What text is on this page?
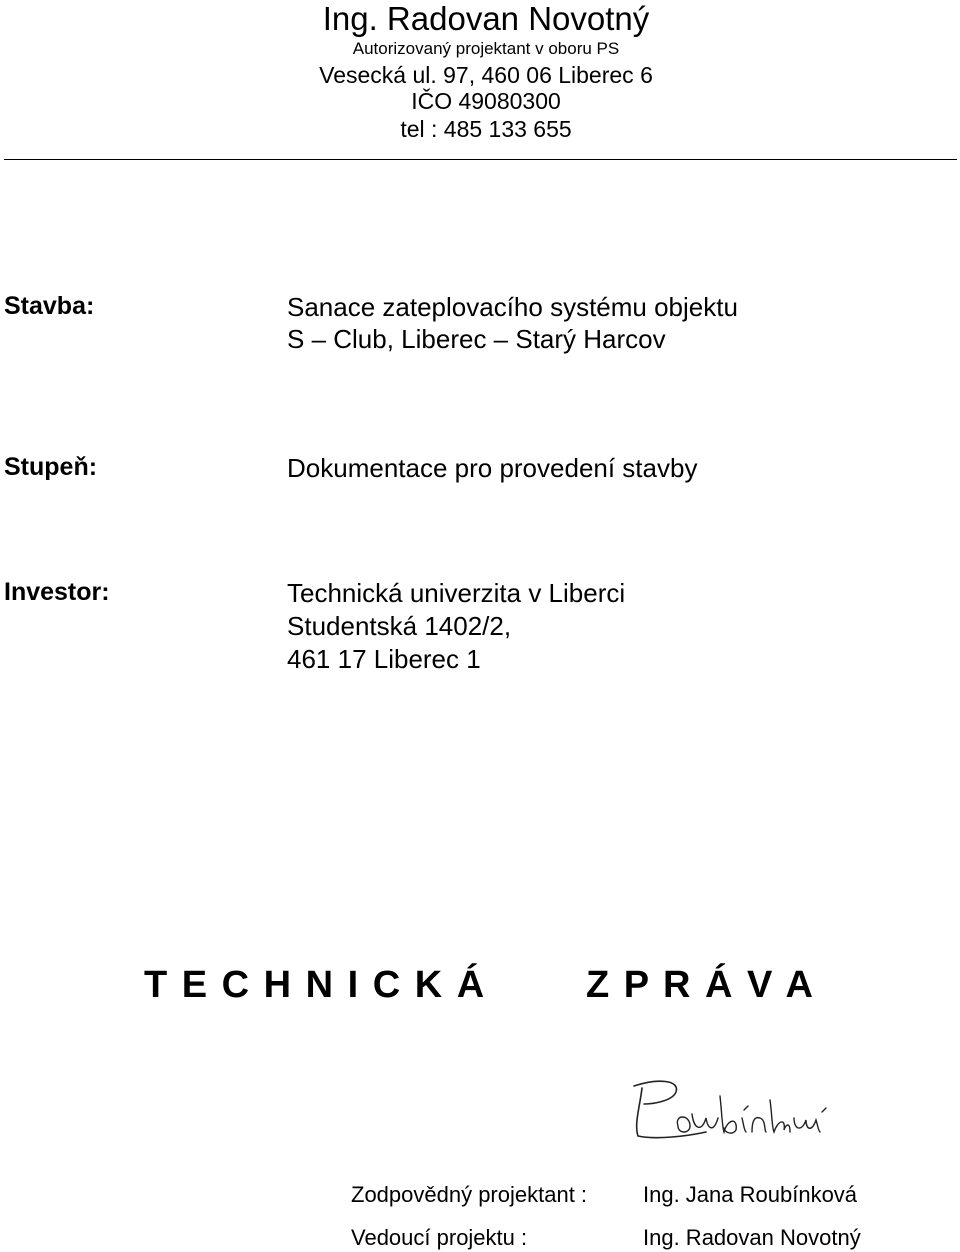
Ing. Radovan Novotný
Autorizovaný projektant v oboru PS
Vesecká ul. 97, 460 06 Liberec 6
IČO 49080300
tel : 485 133 655
Stavba:	Sanace zateplovacího systému objektu
S – Club, Liberec – Starý Harcov
Stupeň:	Dokumentace pro provedení stavby
Investor:	Technická univerzita v Liberci
Studentská 1402/2,
461 17 Liberec 1
T E C H N I C K Á	Z P R Á V A
Zodpovědný projektant :	Ing. Jana Roubínková
Vedoucí projektu :	Ing. Radovan Novotný
